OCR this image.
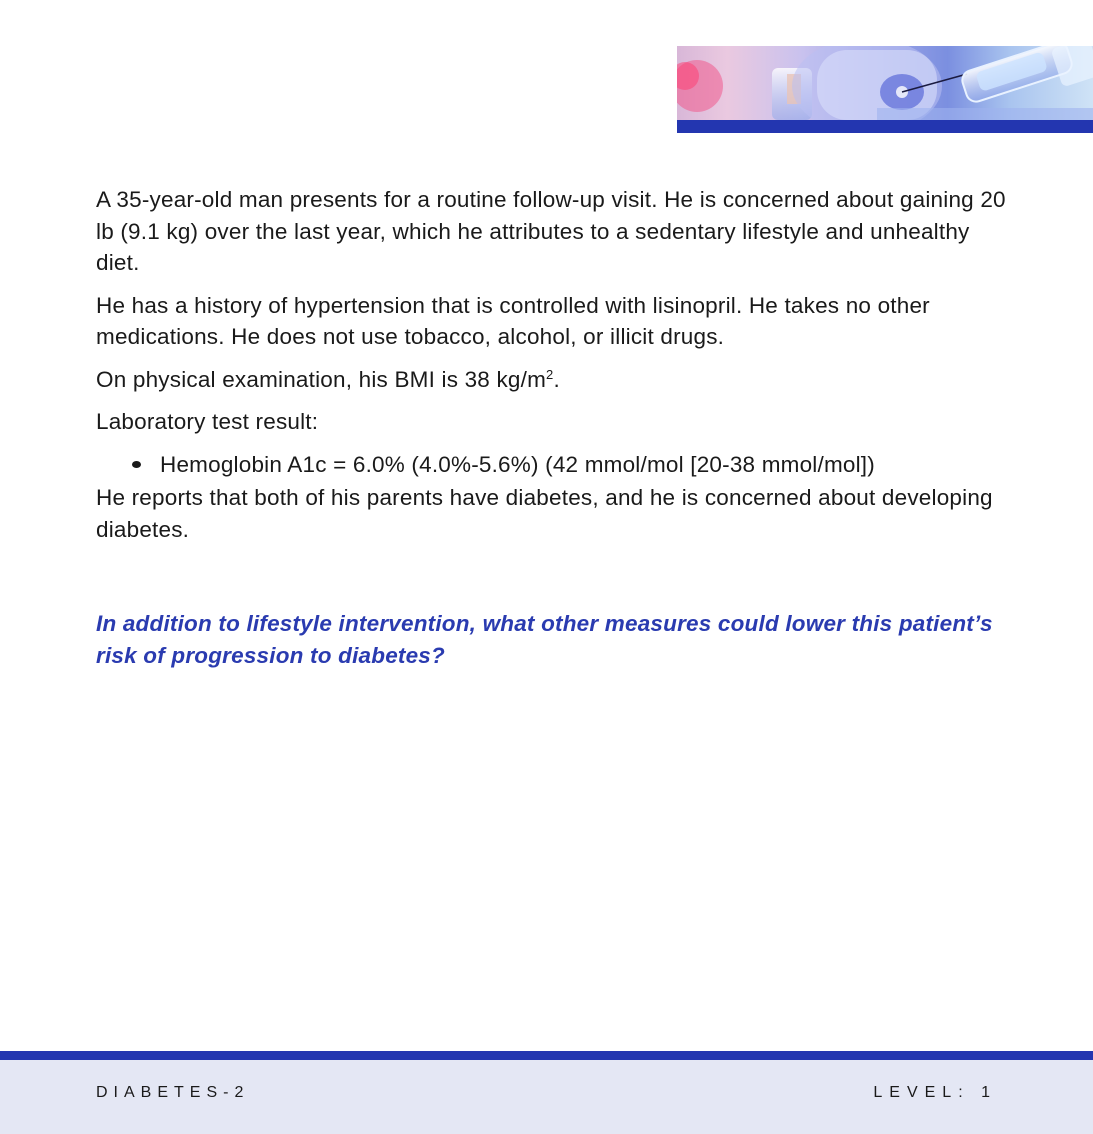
A 35-year-old man presents for a routine follow-up visit. He is concerned about gaining 20 lb (9.1 kg) over the last year, which he attributes to a sedentary lifestyle and unhealthy diet.

He has a history of hypertension that is controlled with lisinopril. He takes no other medications. He does not use tobacco, alcohol, or illicit drugs.

On physical examination, his BMI is 38 $kg/m^2$.

Laboratory test result:

Hemoglobin A1c = 6.0% (4.0%-5.6%) (42 mmol/mol [20-38 mmol/mol])

He reports that both of his parents have diabetes, and he is concerned about developing diabetes.

In addition to lifestyle intervention, what other measures could lower this patient’s risk of progression to diabetes?
DIABETES-2	LEVEL: 1
